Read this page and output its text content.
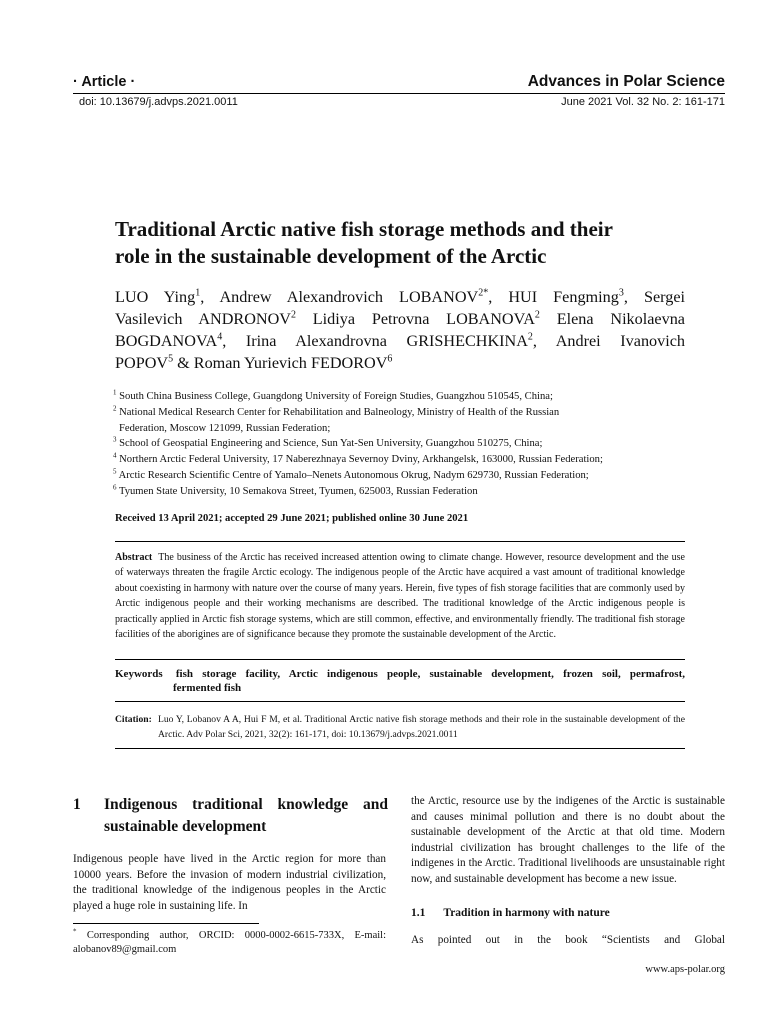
· Article ·	Advances in Polar Science
doi: 10.13679/j.advps.2021.0011	June 2021 Vol. 32 No. 2: 161-171
Traditional Arctic native fish storage methods and their
role in the sustainable development of the Arctic
LUO Ying$^1$, Andrew Alexandrovich $LOBANOV^{2*}$, HUI Fengming$^3$, Sergei
Vasilevich ANDRONOV$^2$ Lidiya Petrovna LOBANOVA$^2$ Elena Nikolaevna
BOGDANOVA$^4$, Irina Alexandrovna GRISHECHKINA$^2$, Andrei Ivanovich
POPOV$^5$ & Roman Yurievich FEDOROV$^6$
$^1$ South China Business College, Guangdong University of Foreign Studies, Guangzhou 510545, China;
$^2$ National Medical Research Center for Rehabilitation and Balneology, Ministry of Health of the Russian
Federation, Moscow 121099, Russian Federation;
$^3$ School of Geospatial Engineering and Science, Sun Yat-Sen University, Guangzhou 510275, China;
$^4$ Northern Arctic Federal University, 17 Naberezhnaya Severnoy Dviny, Arkhangelsk, 163000, Russian Federation;
$^5$ Arctic Research Scientific Centre of Yamalo–Nenets Autonomous Okrug, Nadym 629730, Russian Federation;
$^6$ Tyumen State University, 10 Semakova Street, Tyumen, 625003, Russian Federation
Received 13 April 2021; accepted 29 June 2021; published online 30 June 2021
Abstract The business of the Arctic has received increased attention owing to climate change. However, resource development and the use of waterways threaten the fragile Arctic ecology. The indigenous people of the Arctic have acquired a vast amount of traditional knowledge about coexisting in harmony with nature over the course of many years. Herein, five types of fish storage facilities that are commonly used by Arctic indigenous people and their working mechanisms are described. The traditional knowledge of the Arctic indigenous people is practically applied in Arctic fish storage systems, which are still common, effective, and environmentally friendly. The traditional fish storage facilities of the aborigines are of significance because they promote the sustainable development of the Arctic.
Keywords fish storage facility, Arctic indigenous people, sustainable development, frozen soil, permafrost,
fermented fish
Citation: Luo Y, Lobanov A A, Hui F M, et al. Traditional Arctic native fish storage methods and their role in the sustainable development of the Arctic. Adv Polar Sci, 2021, 32(2): 161-171, doi: 10.13679/j.advps.2021.0011
1 Indigenous traditional knowledge and sustainable development
Indigenous people have lived in the Arctic region for more than 10000 years. Before the invasion of modern industrial civilization, the traditional knowledge of the indigenous peoples in the Arctic played a huge role in sustaining life. In
* Corresponding author, ORCID: 0000-0002-6615-733X, E-mail: alobanov89@gmail.com
the Arctic, resource use by the indigenes of the Arctic is sustainable and causes minimal pollution and there is no doubt about the sustainable development of the Arctic at that old time. Modern industrial civilization has brought challenges to the life of the indigenes in the Arctic. Traditional livelihoods are unsustainable right now, and sustainable development has become a new issue.
1.1 Tradition in harmony with nature
As pointed out in the book “Scientists and Global
www.aps-polar.org
